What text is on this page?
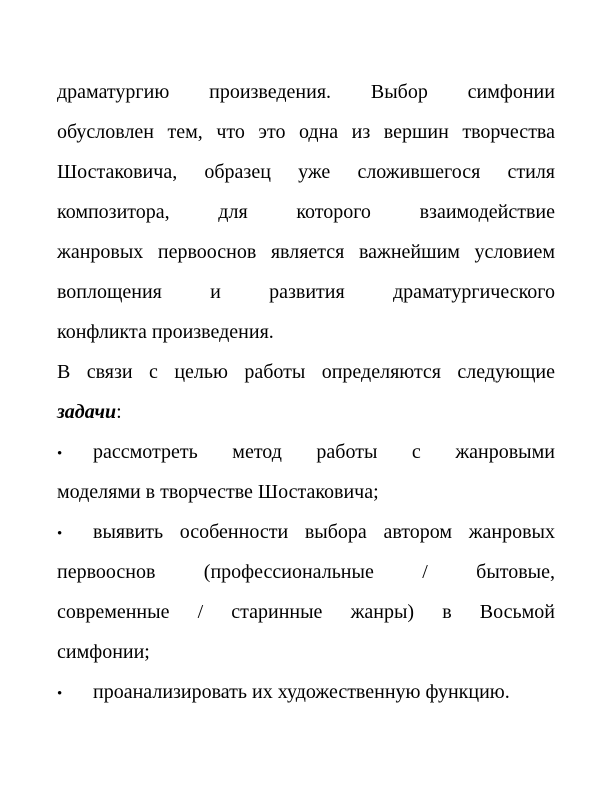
драматургию произведения. Выбор симфонии
обусловлен тем, что это одна из вершин творчества
Шостаковича, образец уже сложившегося стиля
композитора, для которого взаимодействие
жанровых первооснов является важнейшим условием
воплощения и развития драматургического
конфликта произведения.
В связи с целью работы определяются следующие
задачи:
•	рассмотреть метод работы с жанровыми
моделями в творчестве Шостаковича;
•	выявить особенности выбора автором жанровых
первооснов (профессиональные / бытовые,
современные / старинные жанры) в Восьмой
симфонии;
•	проанализировать их художественную функцию.
